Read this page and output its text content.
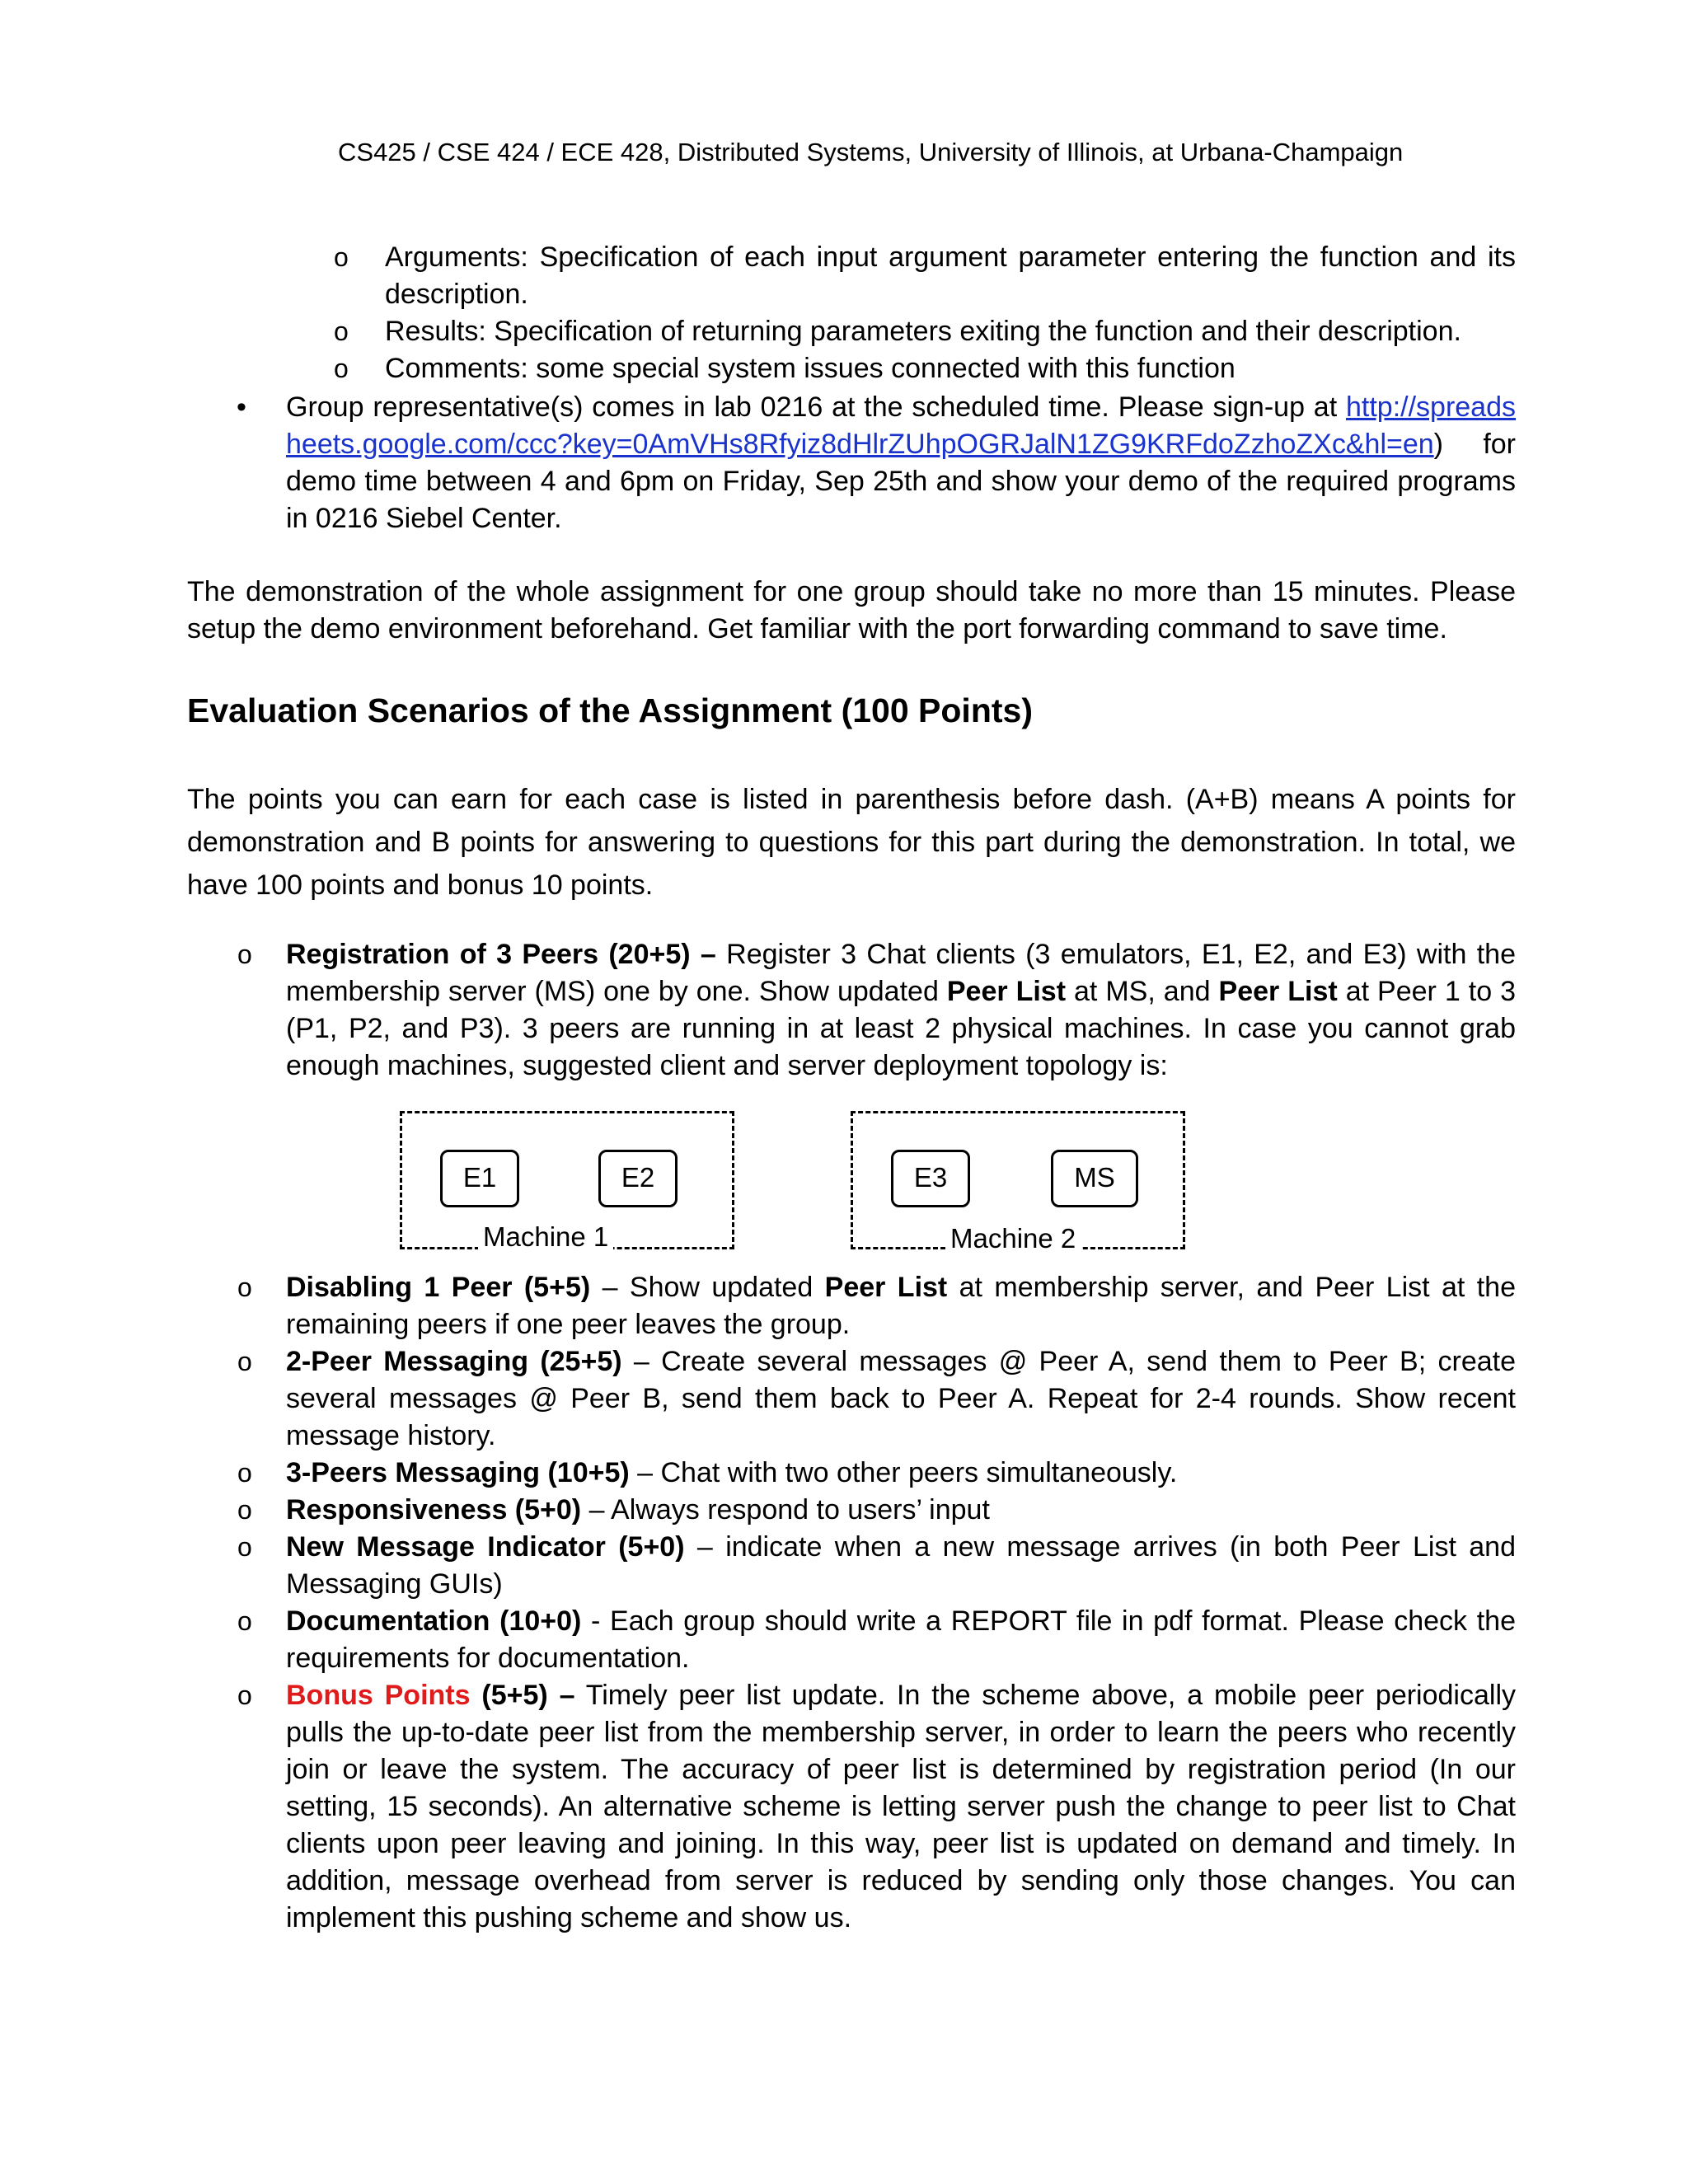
CS425 / CSE 424 / ECE 428, Distributed Systems, University of Illinois, at Urbana-Champaign
o Arguments: Specification of each input argument parameter entering the function and its description.
o Results: Specification of returning parameters exiting the function and their description.
o Comments: some special system issues connected with this function
• Group representative(s) comes in lab 0216 at the scheduled time. Please sign-up at http://spreadsheets.google.com/ccc?key=0AmVHs8Rfyiz8dHlrZUhpOGRJalN1ZG9KRFdoZzhoZXc&hl=en) for demo time between 4 and 6pm on Friday, Sep 25th and show your demo of the required programs in 0216 Siebel Center.
The demonstration of the whole assignment for one group should take no more than 15 minutes. Please setup the demo environment beforehand. Get familiar with the port forwarding command to save time.
Evaluation Scenarios of the Assignment (100 Points)
The points you can earn for each case is listed in parenthesis before dash. (A+B) means A points for demonstration and B points for answering to questions for this part during the demonstration. In total, we have 100 points and bonus 10 points.
o Registration of 3 Peers (20+5) – Register 3 Chat clients (3 emulators, E1, E2, and E3) with the membership server (MS) one by one. Show updated Peer List at MS, and Peer List at Peer 1 to 3 (P1, P2, and P3). 3 peers are running in at least 2 physical machines. In case you cannot grab enough machines, suggested client and server deployment topology is:
E1	E2
Machine 1
E3	MS
Machine 2
o Disabling 1 Peer (5+5) – Show updated Peer List at membership server, and Peer List at the remaining peers if one peer leaves the group.
o 2-Peer Messaging (25+5) – Create several messages @ Peer A, send them to Peer B; create several messages @ Peer B, send them back to Peer A. Repeat for 2-4 rounds. Show recent message history.
o 3-Peers Messaging (10+5) – Chat with two other peers simultaneously.
o Responsiveness (5+0) – Always respond to users’ input
o New Message Indicator (5+0) – indicate when a new message arrives (in both Peer List and Messaging GUIs)
o Documentation (10+0) - Each group should write a REPORT file in pdf format. Please check the requirements for documentation.
o Bonus Points (5+5) – Timely peer list update. In the scheme above, a mobile peer periodically pulls the up-to-date peer list from the membership server, in order to learn the peers who recently join or leave the system. The accuracy of peer list is determined by registration period (In our setting, 15 seconds). An alternative scheme is letting server push the change to peer list to Chat clients upon peer leaving and joining. In this way, peer list is updated on demand and timely. In addition, message overhead from server is reduced by sending only those changes. You can implement this pushing scheme and show us.
